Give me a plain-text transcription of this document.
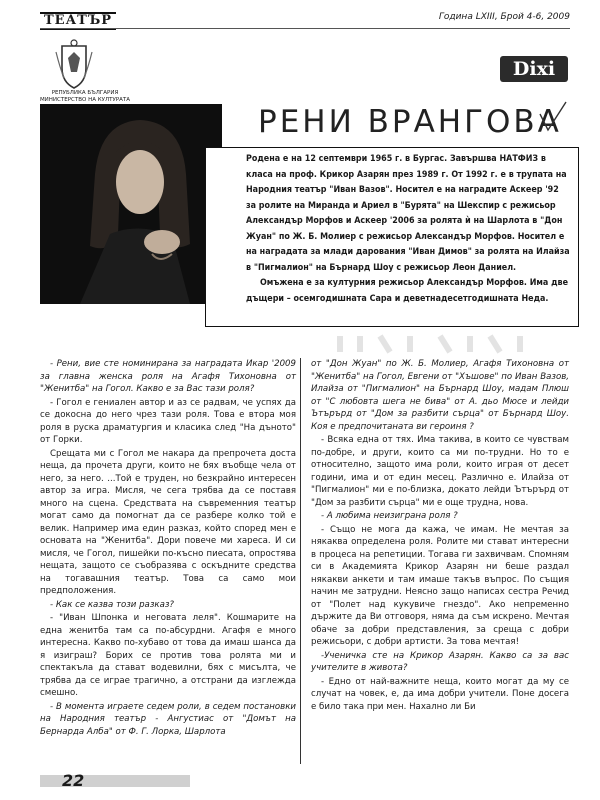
ТЕАТЪР	Година LXIII, Брой 4-6, 2009
РЕПУБЛИКА БЪЛГАРИЯ МИНИСТЕРСТВО НА КУЛТУРАТА
Dixi
РЕНИ ВРАНГОВА

Родена е на 12 септември 1965 г. в Бургас. Завършва НАТФИЗ в класа на проф. Крикор Азарян през 1989 г. От 1992 г. е в трупата на Народния театър "Иван Вазов". Носител е на наградите Аскеер '92 за ролите на Миранда и Ариел в "Бурята" на Шекспир с режисьор Александър Морфов и Аскеер '2006 за ролята ѝ на Шарлота в "Дон Жуан" по Ж. Б. Молиер с режисьор Александър Морфов. Носител е на наградата за млади дарования "Иван Димов" за ролята на Илайза в "Пигмалион" на Бърнард Шоу с режисьор Леон Даниел.

Омъжена е за културния режисьор Александър Морфов. Има две дъщери – осемгодишната Сара и деветнадесетгодишната Неда.

- Рени, вие сте номинирана за наградата Икар '2009 за главна женска роля на Агафя Тихоновна от "Женитба" на Гогол. Какво е за Вас тази роля?

- Гогол е гениален автор и аз се радвам, че успях да се докосна до него чрез тази роля. Това е втора моя роля в руска драматургия и класика след "На дъното" от Горки.

Срещата ми с Гогол ме накара да препрочета доста неща, да прочета други, които не бях въобще чела от него, за него. ...Той е труден, но безкрайно интересен автор за игра. Мисля, че сега трябва да се поставя много на сцена. Средствата на съвременния театър могат само да помогнат да се разбере колко той е велик. Например има един разказ, който според мен е основата на "Женитба". Дори повече ми хареса. И си мисля, че Гогол, пишейки по-късно пиесата, опростява нещата, защото се съобразява с оскъдните средства на тогавашния театър. Това са само мои предположения.

- Как се казва този разказ?

- "Иван Шпонка и неговата леля". Кошмарите на една женитба там са по-абсурдни. Агафя е много интересна. Какво по-хубаво от това да имаш шанса да я изиграш? Борих се против това ролята ми и спектакъла да стават водевилни, бях с мисълта, че трябва да се играе трагично, а отстрани да изглежда смешно.

- В момента играете седем роли, в седем постановки на Народния театър - Ангустиас от "Домът на Бернарда Алба" от Ф. Г. Лорка, Шарлота

от "Дон Жуан" по Ж. Б. Молиер, Агафя Тихоновна от "Женитба" на Гогол, Евгени от "Хъшове" по Иван Вазов, Илайза от "Пигмалион" на Бърнард Шоу, мадам Плюш от "С любовта шега не бива" от А. дьо Мюсе и лейди Ътърърд от "Дом за разбити сърца" от Бърнард Шоу. Коя е предпочитаната ви героиня ?

- Всяка една от тях. Има такива, в които се чувствам по-добре, и други, които са ми по-трудни. Но то е относително, защото има роли, които играя от десет години, има и от един месец. Различно е. Илайза от "Пигмалион" ми е по-близка, докато лейди Ътърърд от "Дом за разбити сърца" ми е още трудна, нова.

- А любима неизиграна роля ?

- Също не мога да кажа, че имам. Не мечтая за някаква определена роля. Ролите ми стават интересни в процеса на репетиции. Тогава ги захвичвам. Спомням си в Академията Крикор Азарян ни беше раздал някакви анкети и там имаше такъв въпрос. По същия начин ме затрудни. Неясно защо написах сестра Речид от "Полет над кукувиче гнездо". Ако непременно държите да Ви отговоря, няма да съм искрено. Мечтая обаче за добри представления, за среща с добри режисьори, с добри артисти. За това мечтая!

-Ученичка сте на Крикор Азарян. Какво са за вас учителите в живота?

- Едно от най-важните неща, които могат да му се случат на човек, е, да има добри учители. Поне досега е било така при мен. Нахално ли Би

22
